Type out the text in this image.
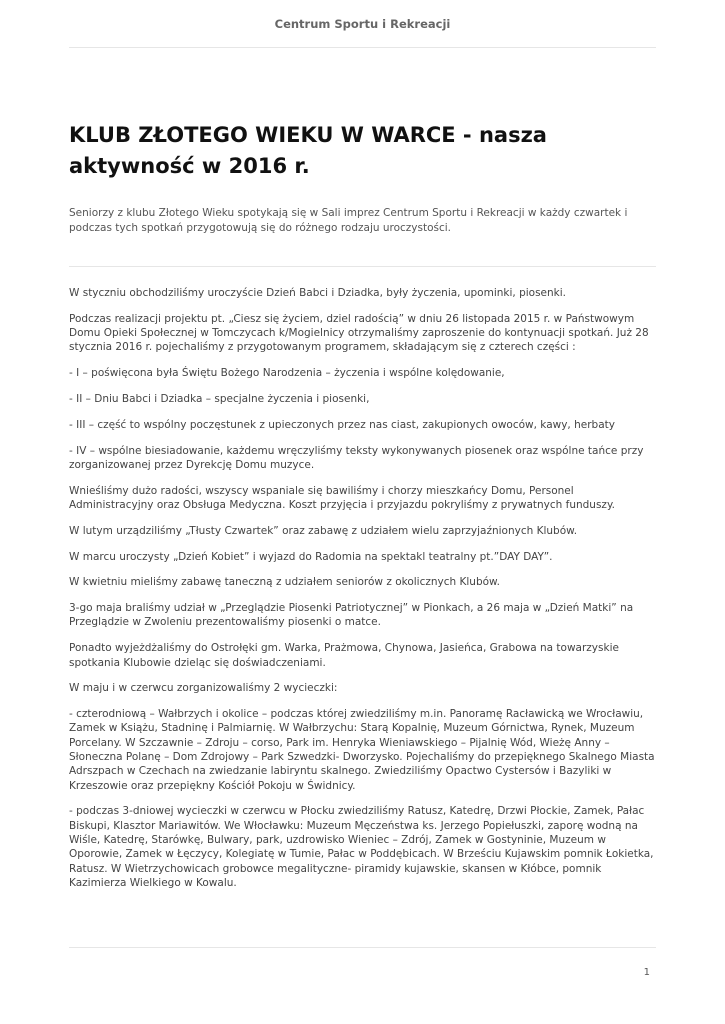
Centrum Sportu i Rekreacji
KLUB ZŁOTEGO WIEKU W WARCE - nasza aktywność w 2016 r.

Seniorzy z klubu Złotego Wieku spotykają się w Sali imprez Centrum Sportu i Rekreacji w każdy czwartek i podczas tych spotkań przygotowują się do różnego rodzaju uroczystości.

W styczniu obchodziliśmy uroczyście Dzień Babci i Dziadka, były życzenia, upominki, piosenki.

Podczas realizacji projektu pt. „Ciesz się życiem, dziel radością” w dniu 26 listopada 2015 r. w Państwowym Domu Opieki Społecznej w Tomczycach k/Mogielnicy otrzymaliśmy zaproszenie do kontynuacji spotkań. Już 28 stycznia 2016 r. pojechaliśmy z przygotowanym programem, składającym się z czterech części :

- I – poświęcona była Świętu Bożego Narodzenia – życzenia i wspólne kolędowanie,

- II – Dniu Babci i Dziadka – specjalne życzenia i piosenki,

- III – część to wspólny poczęstunek z upieczonych przez nas ciast, zakupionych owoców, kawy, herbaty

- IV – wspólne biesiadowanie, każdemu wręczyliśmy teksty wykonywanych piosenek oraz wspólne tańce przy zorganizowanej przez Dyrekcję Domu muzyce.

Wnieśliśmy dużo radości, wszyscy wspaniale się bawiliśmy i chorzy mieszkańcy Domu, Personel Administracyjny oraz Obsługa Medyczna. Koszt przyjęcia i przyjazdu pokryliśmy z prywatnych funduszy.

W lutym urządziliśmy „Tłusty Czwartek” oraz zabawę z udziałem wielu zaprzyjaźnionych Klubów.

W marcu uroczysty „Dzień Kobiet” i wyjazd do Radomia na spektakl teatralny pt.”DAY DAY”.

W kwietniu mieliśmy zabawę taneczną z udziałem seniorów z okolicznych Klubów.

3-go maja braliśmy udział w „Przeglądzie Piosenki Patriotycznej” w Pionkach, a 26 maja w „Dzień Matki” na Przeglądzie w Zwoleniu prezentowaliśmy piosenki o matce.

Ponadto wyjeżdżaliśmy do Ostrołęki gm. Warka, Prażmowa, Chynowa, Jasieńca, Grabowa na towarzyskie spotkania Klubowie dzieląc się doświadczeniami.

W maju i w czerwcu zorganizowaliśmy 2 wycieczki:

- czterodniową – Wałbrzych i okolice – podczas której zwiedziliśmy m.in. Panoramę Racławicką we Wrocławiu, Zamek w Książu, Stadninę i Palmiarnię. W Wałbrzychu: Starą Kopalnię, Muzeum Górnictwa, Rynek, Muzeum Porcelany. W Szczawnie – Zdroju – corso, Park im. Henryka Wieniawskiego – Pijalnię Wód, Wieżę Anny – Słoneczna Polanę – Dom Zdrojowy – Park Szwedzki- Dworzysko. Pojechaliśmy do przepięknego Skalnego Miasta Adrszpach w Czechach na zwiedzanie labiryntu skalnego. Zwiedziliśmy Opactwo Cystersów i Bazyliki w Krzeszowie oraz przepiękny Kościół Pokoju w Świdnicy.

- podczas 3-dniowej wycieczki w czerwcu w Płocku zwiedziliśmy Ratusz, Katedrę, Drzwi Płockie, Zamek, Pałac Biskupi, Klasztor Mariawitów. We Włocławku: Muzeum Męczeństwa ks. Jerzego Popiełuszki, zaporę wodną na Wiśle, Katedrę, Starówkę, Bulwary, park, uzdrowisko Wieniec – Zdrój, Zamek w Gostyninie, Muzeum w Oporowie, Zamek w Łęczycy, Kolegiatę w Tumie, Pałac w Poddębicach. W Brześciu Kujawskim pomnik Łokietka, Ratusz. W Wietrzychowicach grobowce megalityczne- piramidy kujawskie, skansen w Kłóbce, pomnik Kazimierza Wielkiego w Kowalu.

1
